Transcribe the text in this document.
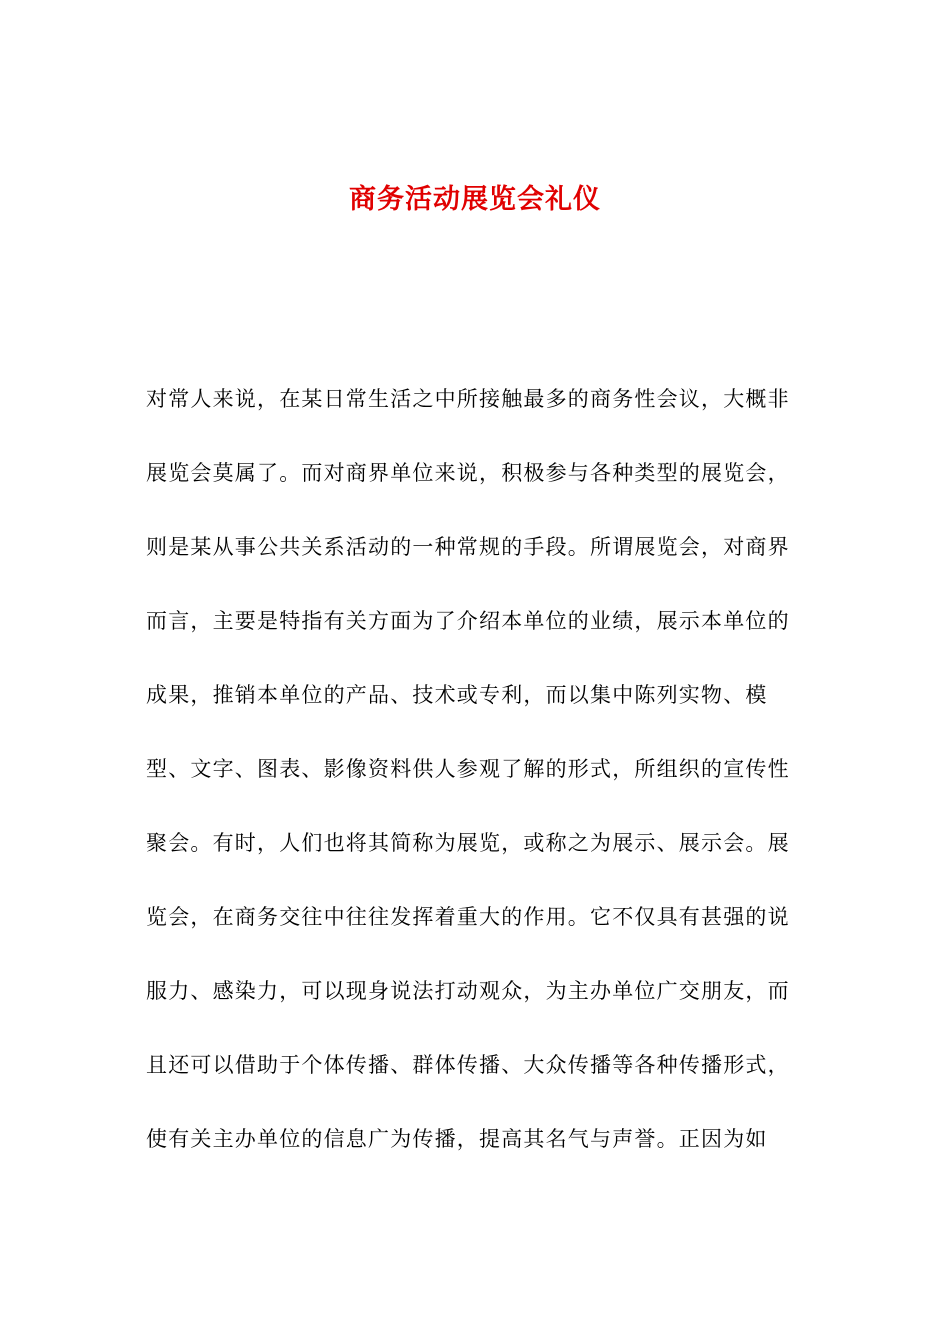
商务活动展览会礼仪
对常人来说，在某日常生活之中所接触最多的商务性会议，大概非
展览会莫属了。而对商界单位来说，积极参与各种类型的展览会，
则是某从事公共关系活动的一种常规的手段。所谓展览会，对商界
而言，主要是特指有关方面为了介绍本单位的业绩，展示本单位的
成果，推销本单位的产品、技术或专利，而以集中陈列实物、模
型、文字、图表、影像资料供人参观了解的形式，所组织的宣传性
聚会。有时，人们也将其简称为展览，或称之为展示、展示会。展
览会，在商务交往中往往发挥着重大的作用。它不仅具有甚强的说
服力、感染力，可以现身说法打动观众，为主办单位广交朋友，而
且还可以借助于个体传播、群体传播、大众传播等各种传播形式，
使有关主办单位的信息广为传播，提高其名气与声誉。正因为如
